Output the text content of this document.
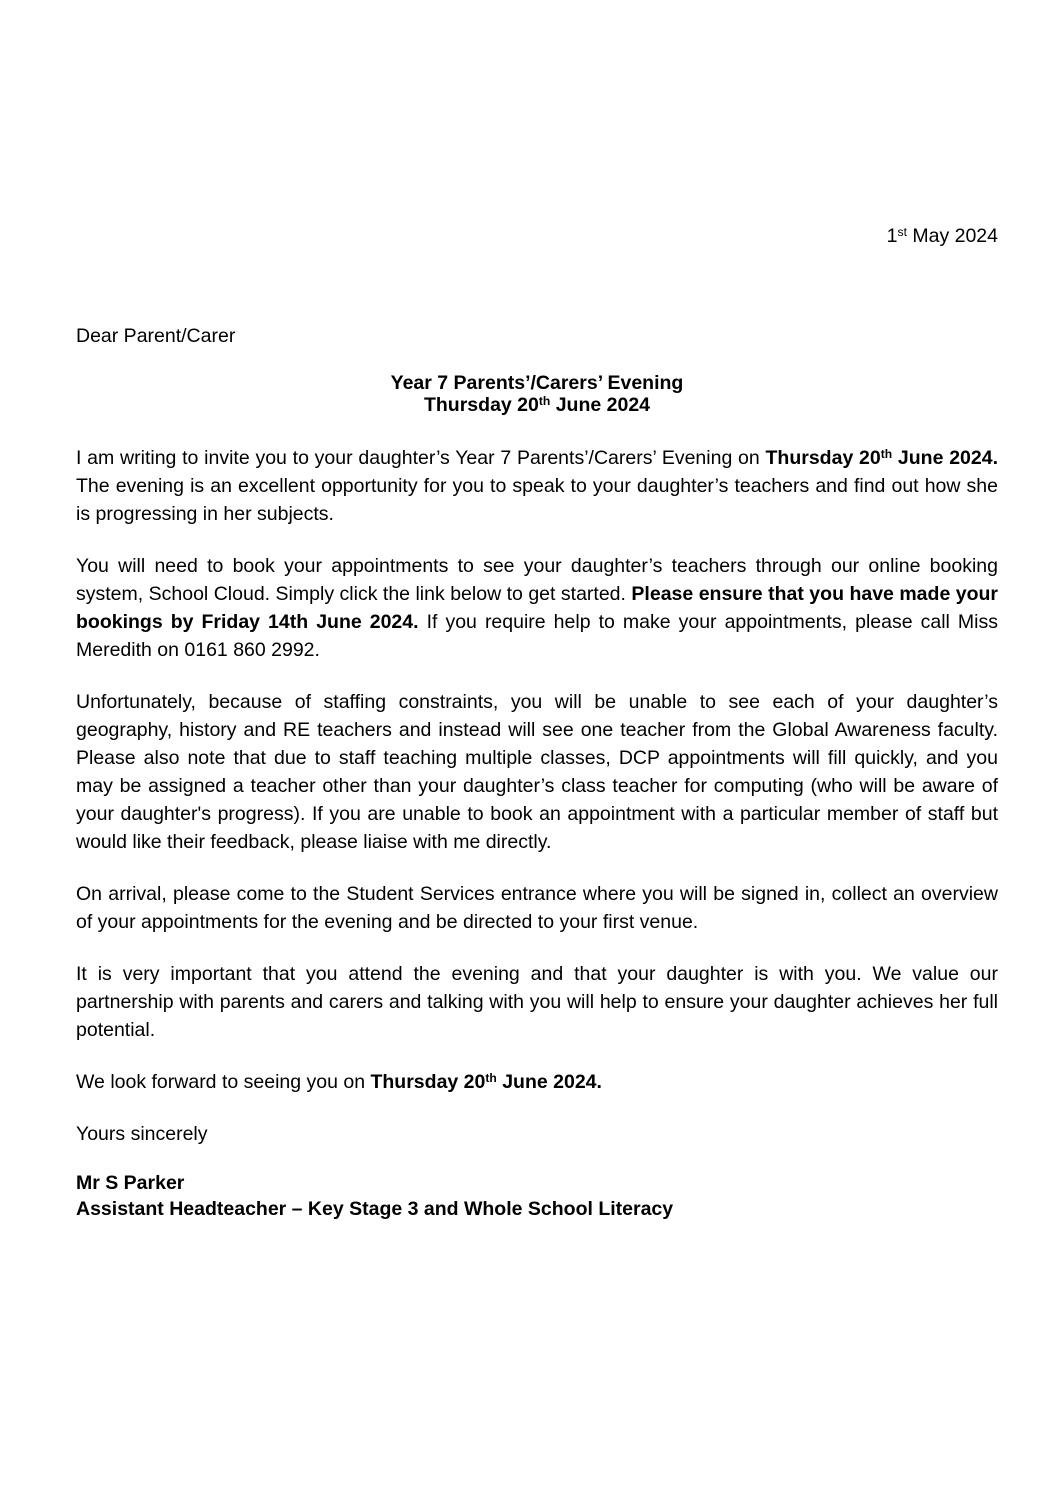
1st May 2024
Dear Parent/Carer
Year 7 Parents’/Carers’ Evening
Thursday 20th June 2024

I am writing to invite you to your daughter’s Year 7 Parents’/Carers’ Evening on Thursday 20th June 2024. The evening is an excellent opportunity for you to speak to your daughter’s teachers and find out how she is progressing in her subjects.

You will need to book your appointments to see your daughter’s teachers through our online booking system, School Cloud. Simply click the link below to get started. Please ensure that you have made your bookings by Friday 14th June 2024. If you require help to make your appointments, please call Miss Meredith on 0161 860 2992.

Unfortunately, because of staffing constraints, you will be unable to see each of your daughter’s geography, history and RE teachers and instead will see one teacher from the Global Awareness faculty. Please also note that due to staff teaching multiple classes, DCP appointments will fill quickly, and you may be assigned a teacher other than your daughter’s class teacher for computing (who will be aware of your daughter's progress). If you are unable to book an appointment with a particular member of staff but would like their feedback, please liaise with me directly.

On arrival, please come to the Student Services entrance where you will be signed in, collect an overview of your appointments for the evening and be directed to your first venue.

It is very important that you attend the evening and that your daughter is with you. We value our partnership with parents and carers and talking with you will help to ensure your daughter achieves her full potential.

We look forward to seeing you on Thursday 20th June 2024.
Yours sincerely
Mr S Parker
Assistant Headteacher – Key Stage 3 and Whole School Literacy
